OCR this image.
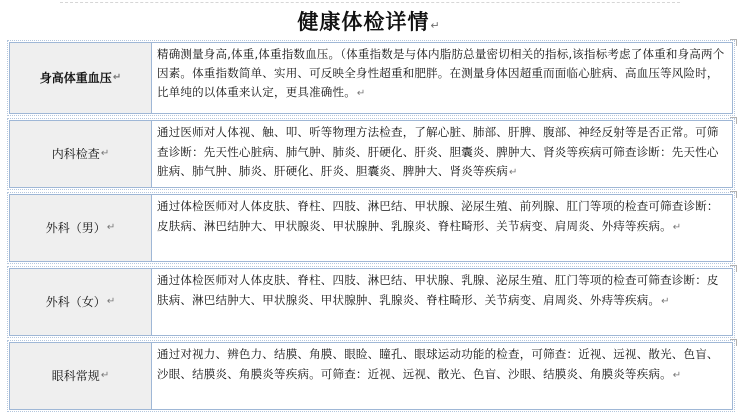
健康体检详情↵
身高体重血压 ↵
精确测量身高,体重,体重指数血压。（体重指数是与体内脂肪总量密切相关的指标,该指标考虑了体重和身高两个因素。体重指数简单、实用、可反映全身性超重和肥胖。在测量身体因超重而面临心脏病、高血压等风险时，比单纯的以体重来认定，更具准确性。↵
内科检查 ↵
通过医师对人体视、触、叩、听等物理方法检查，了解心脏、肺部、肝脾、腹部、神经反射等是否正常。可筛查诊断：先天性心脏病、肺气肿、肺炎、肝硬化、肝炎、胆囊炎、脾肿大、肾炎等疾病可筛查诊断：先天性心脏病、肺气肿、肺炎、肝硬化、肝炎、胆囊炎、脾肿大、肾炎等疾病↵
外科（男） ↵
通过体检医师对人体皮肤、脊柱、四肢、淋巴结、甲状腺、泌尿生殖、前列腺、肛门等项的检查可筛查诊断：皮肤病、淋巴结肿大、甲状腺炎、甲状腺肿、乳腺炎、脊柱畸形、关节病变、肩周炎、外痔等疾病。↵
外科（女） ↵
通过体检医师对人体皮肤、脊柱、四肢、淋巴结、甲状腺、乳腺、泌尿生殖、肛门等项的检查可筛查诊断：皮肤病、淋巴结肿大、甲状腺炎、甲状腺肿、乳腺炎、脊柱畸形、关节病变、肩周炎、外痔等疾病。↵
眼科常规 ↵
通过对视力、辨色力、结膜、角膜、眼睑、瞳孔、眼球运动功能的检查，可筛查：近视、远视、散光、色盲、沙眼、结膜炎、角膜炎等疾病。可筛查：近视、远视、散光、色盲、沙眼、结膜炎、角膜炎等疾病。↵
